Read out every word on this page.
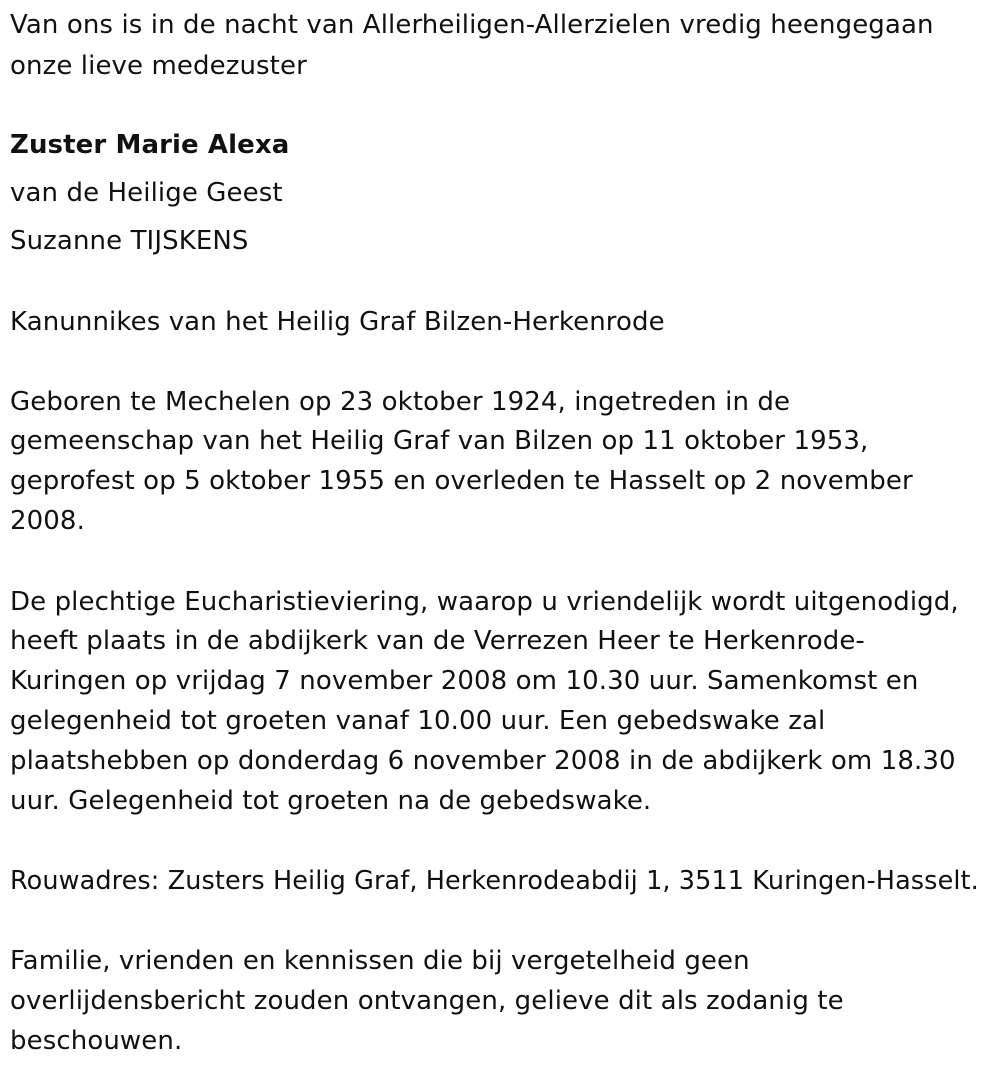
Van ons is in de nacht van Allerheiligen-Allerzielen vredig heengegaan
onze lieve medezuster
Zuster Marie Alexa
van de Heilige Geest
Suzanne TIJSKENS
Kanunnikes van het Heilig Graf Bilzen-Herkenrode
Geboren te Mechelen op 23 oktober 1924, ingetreden in de
gemeenschap van het Heilig Graf van Bilzen op 11 oktober 1953,
geprofest op 5 oktober 1955 en overleden te Hasselt op 2 november
2008.
De plechtige Eucharistieviering, waarop u vriendelijk wordt uitgenodigd,
heeft plaats in de abdijkerk van de Verrezen Heer te Herkenrode-
Kuringen op vrijdag 7 november 2008 om 10.30 uur. Samenkomst en
gelegenheid tot groeten vanaf 10.00 uur. Een gebedswake zal
plaatshebben op donderdag 6 november 2008 in de abdijkerk om 18.30
uur. Gelegenheid tot groeten na de gebedswake.
Rouwadres: Zusters Heilig Graf, Herkenrodeabdij 1, 3511 Kuringen-Hasselt.
Familie, vrienden en kennissen die bij vergetelheid geen
overlijdensbericht zouden ontvangen, gelieve dit als zodanig te
beschouwen.
